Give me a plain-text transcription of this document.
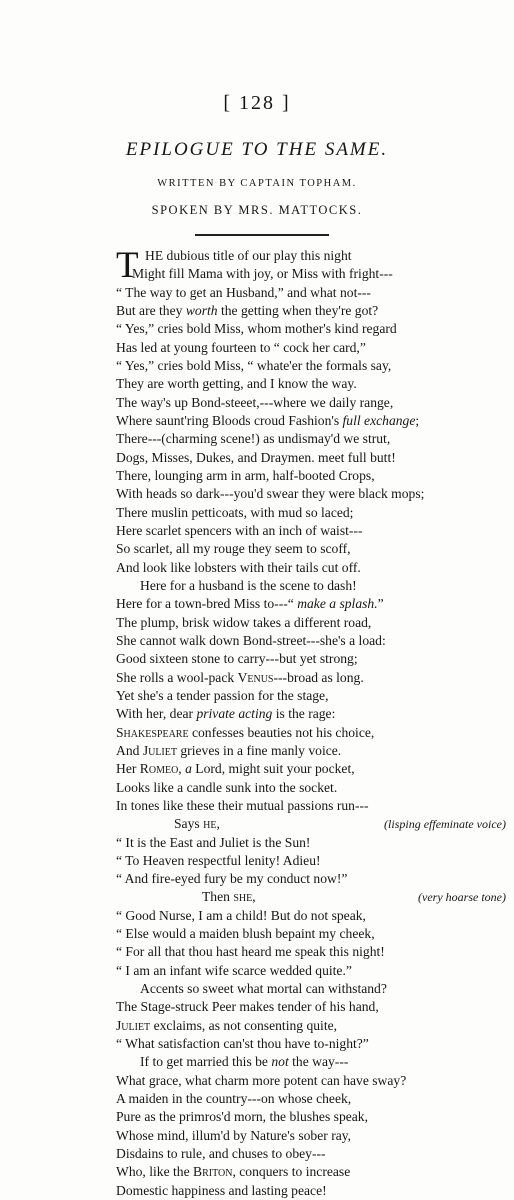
[ 128 ]
EPILOGUE TO THE SAME.
WRITTEN BY CAPTAIN TOPHAM.
SPOKEN BY MRS. MATTOCKS.
T HE dubious title of our play this night
Might fill Mama with joy, or Miss with fright---
“ The way to get an Husband,” and what not---
But are they worth the getting when they're got?
“ Yes,” cries bold Miss, whom mother's kind regard
Has led at young fourteen to “ cock her card,”
“ Yes,” cries bold Miss, “ whate'er the formals say,
They are worth getting, and I know the way.
The way's up Bond-steeet,---where we daily range,
Where saunt'ring Bloods croud Fashion's full exchange;
There---(charming scene!) as undismay'd we strut,
Dogs, Misses, Dukes, and Draymen. meet full butt!
There, lounging arm in arm, half-booted Crops,
With heads so dark---you'd swear they were black mops;
There muslin petticoats, with mud so laced;
Here scarlet spencers with an inch of waist---
So scarlet, all my rouge they seem to scoff,
And look like lobsters with their tails cut off.
Here for a husband is the scene to dash!
Here for a town-bred Miss to---“ make a splash.”
The plump, brisk widow takes a different road,
She cannot walk down Bond-street---she's a load:
Good sixteen stone to carry---but yet strong;
She rolls a wool-pack Venus---broad as long.
Yet she's a tender passion for the stage,
With her, dear private acting is the rage:
Shakespeare confesses beauties not his choice,
And Juliet grieves in a fine manly voice.
Her Romeo, a Lord, might suit your pocket,
Looks like a candle sunk into the socket.
In tones like these their mutual passions run---
Says he,	(lisping effeminate voice)
“ It is the East and Juliet is the Sun!
“ To Heaven respectful lenity! Adieu!
“ And fire-eyed fury be my conduct now!”
Then she,	(very hoarse tone)
“ Good Nurse, I am a child! But do not speak,
“ Else would a maiden blush bepaint my cheek,
“ For all that thou hast heard me speak this night!
“ I am an infant wife scarce wedded quite.”
Accents so sweet what mortal can withstand?
The Stage-struck Peer makes tender of his hand,
Juliet exclaims, as not consenting quite,
“ What satisfaction can'st thou have to-night?”
If to get married this be not the way---
What grace, what charm more potent can have sway?
A maiden in the country---on whose cheek,
Pure as the primros'd morn, the blushes speak,
Whose mind, illum'd by Nature's sober ray,
Disdains to rule, and chuses to obey---
Who, like the Briton, conquers to increase
Domestic happiness and lasting peace!
